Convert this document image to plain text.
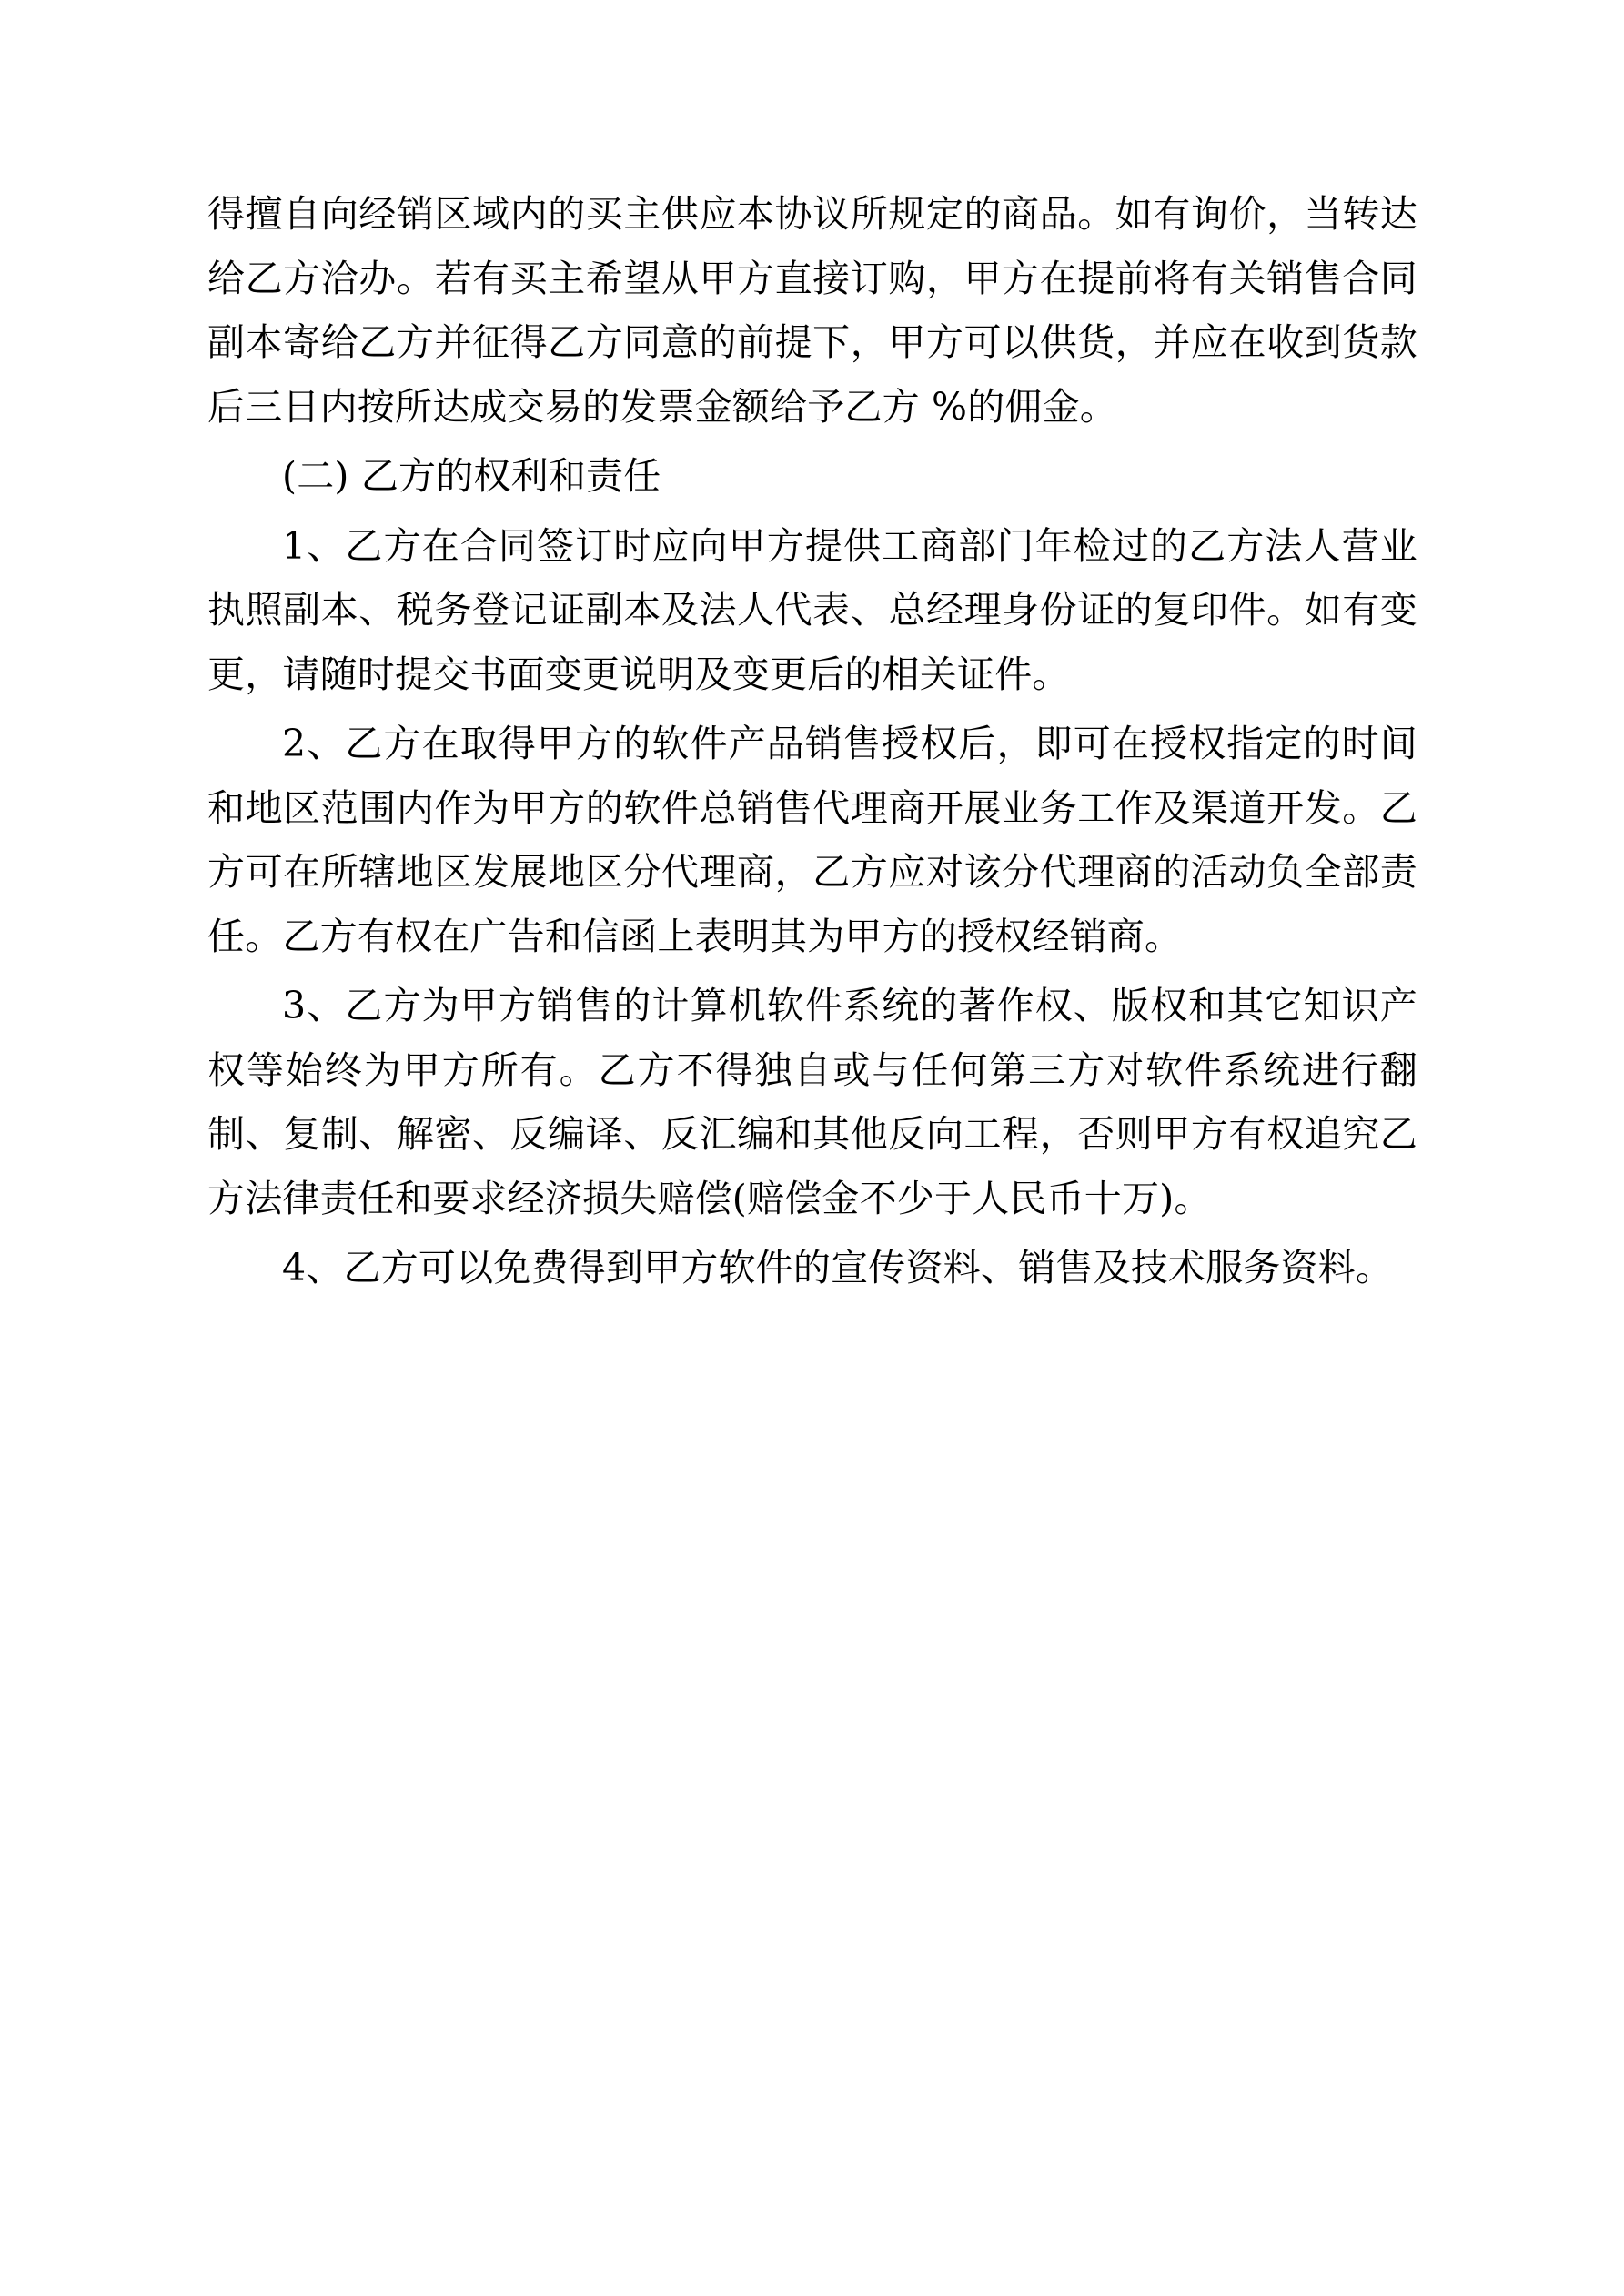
得擅自向经销区域内的买主供应本协议所规定的商品。如有询价，当转达给乙方洽办。若有买主希望从甲方直接订购，甲方在提前将有关销售合同副本寄给乙方并征得乙方同意的前提下，甲方可以供货，并应在收到货款后三日内按所达成交易的发票金额给予乙方 %的佣金。

(二) 乙方的权利和责任

1、乙方在合同签订时应向甲方提供工商部门年检过的乙方法人营业执照副本、税务登记证副本及法人代表、总经理身份证的复印件。如有变更，请随时提交书面变更说明及变更后的相关证件。

2、乙方在取得甲方的软件产品销售授权后，即可在授权指定的时间和地区范围内作为甲方的软件总销售代理商开展业务工作及渠道开发。乙方可在所辖地区发展地区分代理商，乙方应对该分代理商的活动负全部责任。乙方有权在广告和信函上表明其为甲方的授权经销商。

3、乙方为甲方销售的计算机软件系统的著作权、版权和其它知识产权等始终为甲方所有。乙方不得独自或与任何第三方对软件系统进行翻制、复制、解密、反编译、反汇编和其他反向工程，否则甲方有权追究乙方法律责任和要求经济损失赔偿(赔偿金不少于人民币十万)。

4、乙方可以免费得到甲方软件的宣传资料、销售及技术服务资料。
